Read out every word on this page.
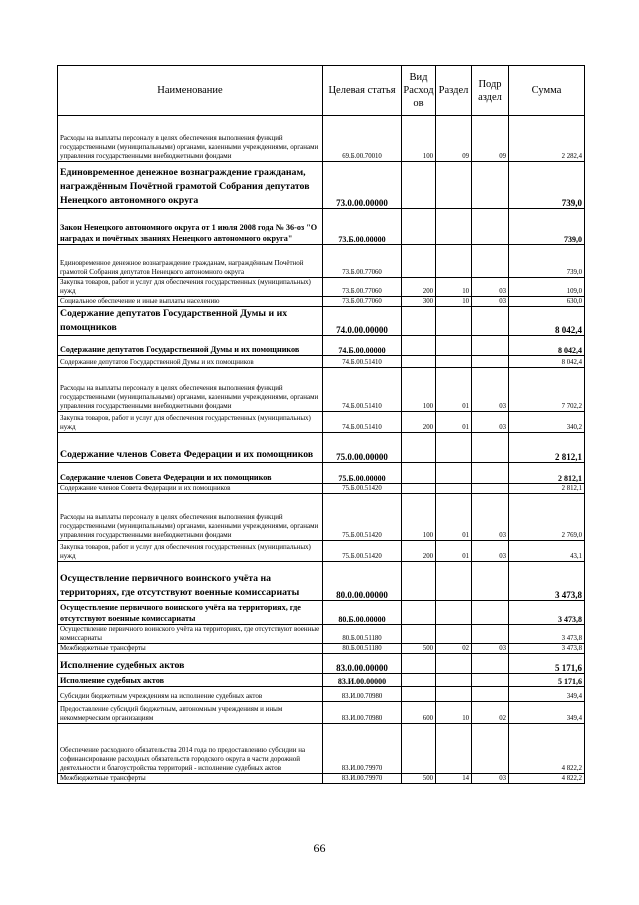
Наименование	Целевая статья	Вид Расход ов	Раздел	Подр аздел	Сумма
Расходы на выплаты персоналу в целях обеспечения выполнения функций государственными (муниципальными) органами, казенными учреждениями, органами управления государственными внебюджетными фондами	69.Б.00.70010	100	09	09	2 282,4
Единовременное денежное вознаграждение гражданам, награждённым Почётной грамотой Собрания депутатов Ненецкого автономного округа	73.0.00.00000				739,0
Закон Ненецкого автономного округа от 1 июля 2008 года № 36-оз "О наградах и почётных званиях Ненецкого автономного округа"	73.Б.00.00000				739,0
Единовременное денежное вознаграждение гражданам, награждённым Почётной грамотой Собрания депутатов Ненецкого автономного округа	73.Б.00.77060				739,0
Закупка товаров, работ и услуг для обеспечения государственных (муниципальных) нужд	73.Б.00.77060	200	10	03	109,0
Социальное обеспечение и иные выплаты населению	73.Б.00.77060	300	10	03	630,0
Содержание депутатов Государственной Думы и их помощников	74.0.00.00000				8 042,4
Содержание депутатов Государственной Думы и их помощников	74.Б.00.00000				8 042,4
Содержание депутатов Государственной Думы и их помощников	74.Б.00.51410				8 042,4
Расходы на выплаты персоналу в целях обеспечения выполнения функций государственными (муниципальными) органами, казенными учреждениями, органами управления государственными внебюджетными фондами	74.Б.00.51410	100	01	03	7 702,2
Закупка товаров, работ и услуг для обеспечения государственных (муниципальных) нужд	74.Б.00.51410	200	01	03	340,2
Содержание членов Совета Федерации и их помощников	75.0.00.00000				2 812,1
Содержание членов Совета Федерации и их помощников	75.Б.00.00000				2 812,1
Содержание членов Совета Федерации и их помощников	75.Б.00.51420				2 812,1
Расходы на выплаты персоналу в целях обеспечения выполнения функций государственными (муниципальными) органами, казенными учреждениями, органами управления государственными внебюджетными фондами	75.Б.00.51420	100	01	03	2 769,0
Закупка товаров, работ и услуг для обеспечения государственных (муниципальных) нужд	75.Б.00.51420	200	01	03	43,1
Осуществление первичного воинского учёта на территориях, где отсутствуют военные комиссариаты	80.0.00.00000				3 473,8
Осуществление первичного воинского учёта на территориях, где отсутствуют военные комиссариаты	80.Б.00.00000				3 473,8
Осуществление первичного воинского учёта на территориях, где отсутствуют военные комиссариаты	80.Б.00.51180				3 473,8
Межбюджетные трансферты	80.Б.00.51180	500	02	03	3 473,8
Исполнение судебных актов	83.0.00.00000				5 171,6
Исполнение судебных актов	83.И.00.00000				5 171,6
Субсидии бюджетным учреждениям на исполнение судебных актов	83.И.00.70980				349,4
Предоставление субсидий бюджетным, автономным учреждениям и иным некоммерческим организациям	83.И.00.70980	600	10	02	349,4
Обеспечение расходного обязательства 2014 года по предоставлению субсидии на софинансирование расходных обязательств городского округа в части дорожной деятельности и благоустройства территорий - исполнение судебных актов	83.И.00.79970				4 822,2
Межбюджетные трансферты	83.И.00.79970	500	14	03	4 822,2
66
